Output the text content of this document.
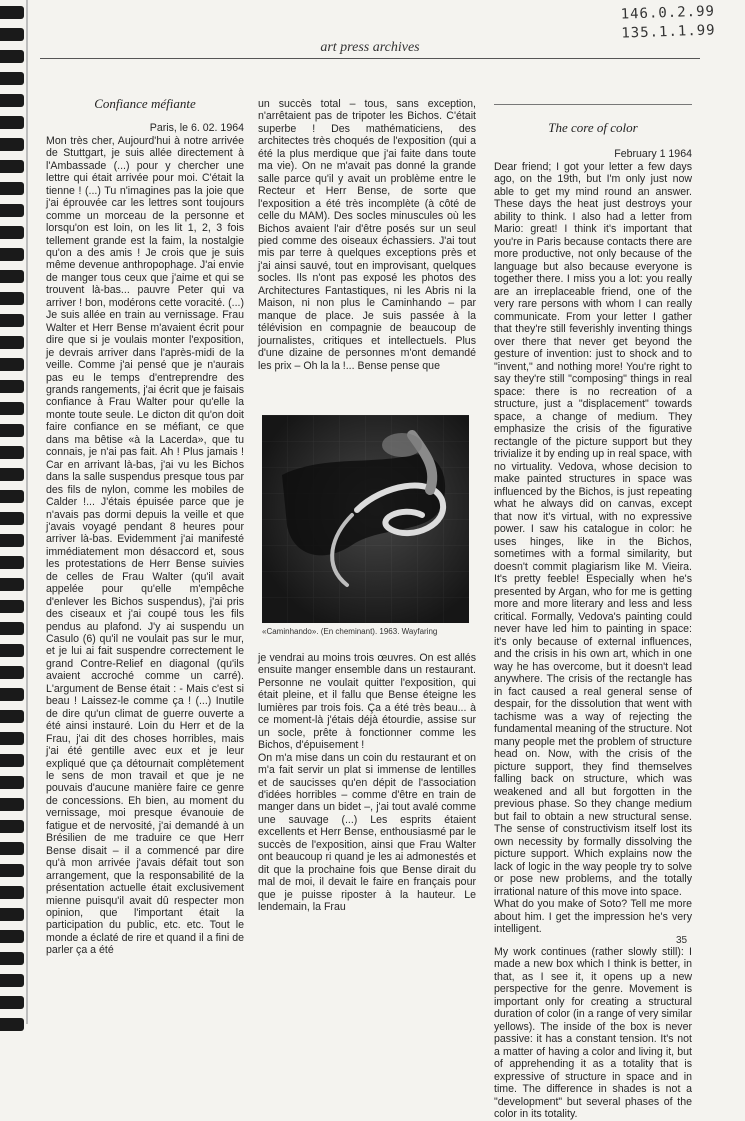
146.0.2.99
135.1.1.99
art press archives
Confiance méfiante

Paris, le 6. 02. 1964

Mon très cher, Aujourd'hui à notre arrivée de Stuttgart, je suis allée directement à l'Ambassade (...) pour y chercher une lettre qui était arrivée pour moi. C'était la tienne ! (...) Tu n'imagines pas la joie que j'ai éprouvée car les lettres sont toujours comme un morceau de la personne et lorsqu'on est loin, on les lit 1, 2, 3 fois tellement grande est la faim, la nostalgie qu'on a des amis ! Je crois que je suis même devenue anthropophage. J'ai envie de manger tous ceux que j'aime et qui se trouvent là-bas... pauvre Peter qui va arriver ! bon, modérons cette voracité. (...) Je suis allée en train au vernissage. Frau Walter et Herr Bense m'avaient écrit pour dire que si je voulais monter l'exposition, je devrais arriver dans l'après-midi de la veille. Comme j'ai pensé que je n'aurais pas eu le temps d'entreprendre des grands rangements, j'ai écrit que je faisais confiance à Frau Walter pour qu'elle la monte toute seule. Le dicton dit qu'on doit faire confiance en se méfiant, ce que dans ma bêtise «à la Lacerda», que tu connais, je n'ai pas fait. Ah ! Plus jamais ! Car en arrivant là-bas, j'ai vu les Bichos dans la salle suspendus presque tous par des fils de nylon, comme les mobiles de Calder !... J'étais épuisée parce que je n'avais pas dormi depuis la veille et que j'avais voyagé pendant 8 heures pour arriver là-bas. Evidemment j'ai manifesté immédiatement mon désaccord et, sous les protestations de Herr Bense suivies de celles de Frau Walter (qu'il avait appelée pour qu'elle m'empêche d'enlever les Bichos suspendus), j'ai pris des ciseaux et j'ai coupé tous les fils pendus au plafond. J'y ai suspendu un Casulo (6) qu'il ne voulait pas sur le mur, et je lui ai fait suspendre correctement le grand Contre-Relief en diagonal (qu'ils avaient accroché comme un carré). L'argument de Bense était : - Mais c'est si beau ! Laissez-le comme ça ! (...) Inutile de dire qu'un climat de guerre ouverte a été ainsi instauré. Loin du Herr et de la Frau, j'ai dit des choses horribles, mais j'ai été gentille avec eux et je leur expliqué que ça détournait complètement le sens de mon travail et que je ne pouvais d'aucune manière faire ce genre de concessions. Eh bien, au moment du vernissage, moi presque évanouie de fatigue et de nervosité, j'ai demandé à un Brésilien de me traduire ce que Herr Bense disait – il a commencé par dire qu'à mon arrivée j'avais défait tout son arrangement, que la responsabilité de la présentation actuelle était exclusivement mienne puisqu'il avait dû respecter mon opinion, que l'important était la participation du public, etc. etc. Tout le monde a éclaté de rire et quand il a fini de parler ça a été

un succès total – tous, sans exception, n'arrêtaient pas de tripoter les Bichos. C'était superbe ! Des mathématiciens, des architectes très choqués de l'exposition (qui a été la plus merdique que j'ai faite dans toute ma vie). On ne m'avait pas donné la grande salle parce qu'il y avait un problème entre le Recteur et Herr Bense, de sorte que l'exposition a été très incomplète (à côté de celle du MAM). Des socles minuscules où les Bichos avaient l'air d'être posés sur un seul pied comme des oiseaux échassiers. J'ai tout mis par terre à quelques exceptions près et j'ai ainsi sauvé, tout en improvisant, quelques socles. Ils n'ont pas exposé les photos des Architectures Fantastiques, ni les Abris ni la Maison, ni non plus le Caminhando – par manque de place. Je suis passée à la télévision en compagnie de beaucoup de journalistes, critiques et intellectuels. Plus d'une dizaine de personnes m'ont demandé les prix – Oh la la !... Bense pense que

«Caminhando». (En cheminant). 1963. Wayfaring

je vendrai au moins trois œuvres. On est allés ensuite manger ensemble dans un restaurant. Personne ne voulait quitter l'exposition, qui était pleine, et il fallu que Bense éteigne les lumières par trois fois. Ça a été très beau... à ce moment-là j'étais déjà étourdie, assise sur un socle, prête à fonctionner comme les Bichos, d'épuisement !

On m'a mise dans un coin du restaurant et on m'a fait servir un plat si immense de lentilles et de saucisses qu'en dépit de l'association d'idées horribles – comme d'être en train de manger dans un bidet –, j'ai tout avalé comme une sauvage (...) Les esprits étaient excellents et Herr Bense, enthousiasmé par le succès de l'exposition, ainsi que Frau Walter ont beaucoup ri quand je les ai admonestés et dit que la prochaine fois que Bense dirait du mal de moi, il devait le faire en français pour que je puisse riposter à la hauteur. Le lendemain, la Frau

The core of color

February 1 1964

Dear friend; I got your letter a few days ago, on the 19th, but I'm only just now able to get my mind round an answer. These days the heat just destroys your ability to think. I also had a letter from Mario: great! I think it's important that you're in Paris because contacts there are more productive, not only because of the language but also because everyone is together there. I miss you a lot: you really are an irreplaceable friend, one of the very rare persons with whom I can really communicate. From your letter I gather that they're still feverishly inventing things over there that never get beyond the gesture of invention: just to shock and to "invent," and nothing more! You're right to say they're still "composing" things in real space: there is no recreation of a structure, just a "displacement" towards space, a change of medium. They emphasize the crisis of the figurative rectangle of the picture support but they trivialize it by ending up in real space, with no virtuality. Vedova, whose decision to make painted structures in space was influenced by the Bichos, is just repeating what he always did on canvas, except that now it's virtual, with no expressive power. I saw his catalogue in color: he uses hinges, like in the Bichos, sometimes with a formal similarity, but doesn't commit plagiarism like M. Vieira. It's pretty feeble! Especially when he's presented by Argan, who for me is getting more and more literary and less and less critical. Formally, Vedova's painting could never have led him to painting in space: it's only because of external influences, and the crisis in his own art, which in one way he has overcome, but it doesn't lead anywhere. The crisis of the rectangle has in fact caused a real general sense of despair, for the dissolution that went with tachisme was a way of rejecting the fundamental meaning of the structure. Not many people met the problem of structure head on. Now, with the crisis of the picture support, they find themselves falling back on structure, which was weakened and all but forgotten in the previous phase. So they change medium but fail to obtain a new structural sense. The sense of constructivism itself lost its own necessity by formally dissolving the picture support. Which explains now the lack of logic in the way people try to solve or pose new problems, and the totally irrational nature of this move into space.

What do you make of Soto? Tell me more about him. I get the impression he's very intelligent.

My work continues (rather slowly still): I made a new box which I think is better, in that, as I see it, it opens up a new perspective for the genre. Movement is important only for creating a structural duration of color (in a range of very similar yellows). The inside of the box is never passive: it has a constant tension. It's not a matter of having a color and living it, but of apprehending it as a totality that is expressive of structure in space and in time. The difference in shades is not a "development" but several phases of the color in its totality.

35
